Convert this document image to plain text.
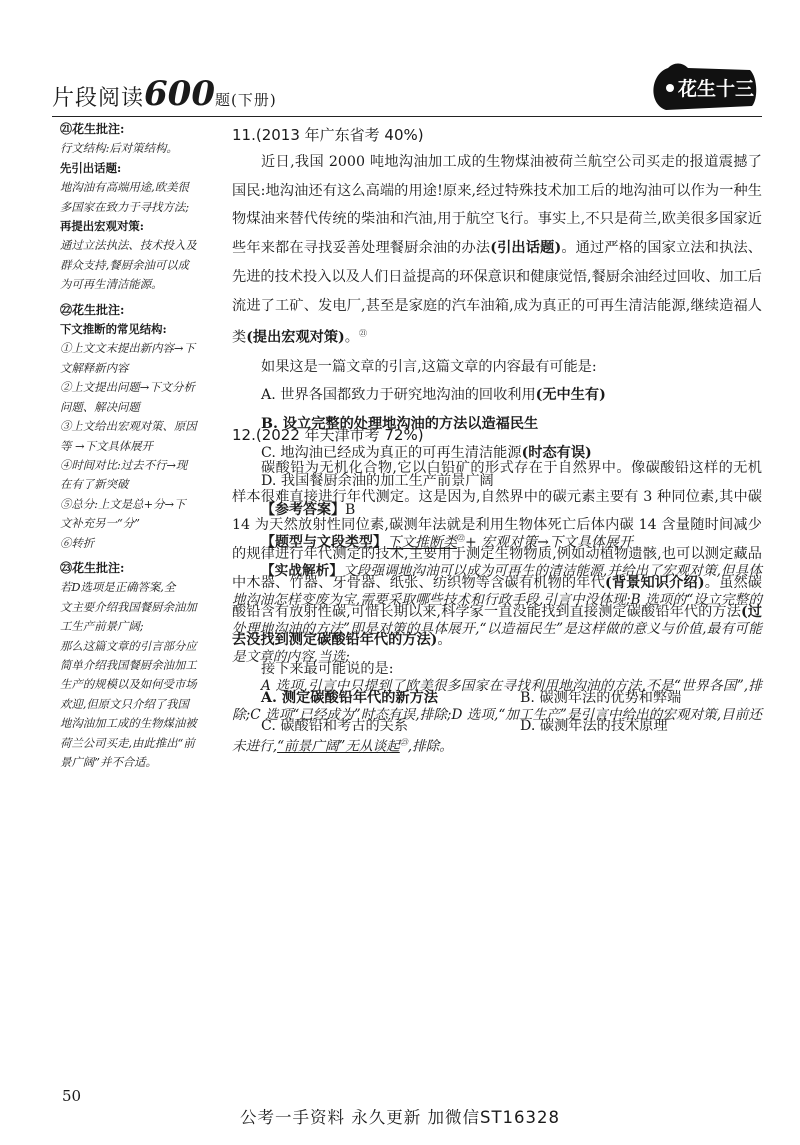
片段阅读600题(下册)	花生十三
㉑花生批注:
行文结构:后对策结构。
先引出话题:
地沟油有高端用途,欧美很
多国家在致力于寻找方法;
再提出宏观对策:
通过立法执法、技术投入及
群众支持,餐厨余油可以成
为可再生清洁能源。
㉒花生批注:
下文推断的常见结构:
①上文文末提出新内容→下
文解释新内容
②上文提出问题→下文分析
问题、解决问题
③上文给出宏观对策、原因
等 →下文具体展开
④时间对比:过去不行→现
在有了新突破
⑤总分:上文是总+分→下
文补充另一“分”
⑥转折
㉓花生批注:
若D选项是正确答案,全
文主要介绍我国餐厨余油加
工生产前景广阔;
那么这篇文章的引言部分应
简单介绍我国餐厨余油加工
生产的规模以及如何受市场
欢迎,但原文只介绍了我国
地沟油加工成的生物煤油被
荷兰公司买走,由此推出“前
景广阔”并不合适。
11.(2013 年广东省考 40%)
近日,我国 2000 吨地沟油加工成的生物煤油被荷兰航空公司买走的报道震撼了国民:地沟油还有这么高端的用途!原来,经过特殊技术加工后的地沟油可以作为一种生物煤油来替代传统的柴油和汽油,用于航空飞行。事实上,不只是荷兰,欧美很多国家近些年来都在寻找妥善处理餐厨余油的办法(引出话题)。通过严格的国家立法和执法、先进的技术投入以及人们日益提高的环保意识和健康觉悟,餐厨余油经过回收、加工后流进了工矿、发电厂,甚至是家庭的汽车油箱,成为真正的可再生清洁能源,继续造福人类(提出宏观对策)。$^㉑$
如果这是一篇文章的引言,这篇文章的内容最有可能是:
A. 世界各国都致力于研究地沟油的回收利用(无中生有)
B. 设立完整的处理地沟油的方法以造福民生
C. 地沟油已经成为真正的可再生清洁能源(时态有误)
D. 我国餐厨余油的加工生产前景广阔
【参考答案】B
【题型与文段类型】下文推断类$^㉒$+ 宏观对策→下文具体展开
【实战解析】文段强调地沟油可以成为可再生的清洁能源,并给出了宏观对策,但具体地沟油怎样变废为宝,需要采取哪些技术和行政手段,引言中没体现;B 选项的“设立完整的处理地沟油的方法”即是对策的具体展开,“以造福民生”是这样做的意义与价值,最有可能是文章的内容,当选;
A 选项,引言中只提到了欧美很多国家在寻找利用地沟油的方法,不是“世界各国”,排除;C 选项“已经成为”时态有误,排除;D 选项,“加工生产”是引言中给出的宏观对策,目前还未进行,“前景广阔”无从谈起$^㉓$,排除。
12.(2022 年天津市考 72%)
碳酸铅为无机化合物,它以白铅矿的形式存在于自然界中。像碳酸铅这样的无机样本很难直接进行年代测定。这是因为,自然界中的碳元素主要有 3 种同位素,其中碳 14 为天然放射性同位素,碳测年法就是利用生物体死亡后体内碳 14 含量随时间减少的规律进行年代测定的技术,主要用于测定生物物质,例如动植物遗骸,也可以测定藏品中木器、竹器、牙骨器、纸张、纺织物等含碳有机物的年代(背景知识介绍)。虽然碳酸铅含有放射性碳,可惜长期以来,科学家一直没能找到直接测定碳酸铅年代的方法(过去没找到测定碳酸铅年代的方法)。
接下来最可能说的是:
A. 测定碳酸铅年代的新方法	B. 碳测年法的优势和弊端
C. 碳酸铅和考古的关系	D. 碳测年法的技术原理
50
公考一手资料 永久更新 加微信ST16328
